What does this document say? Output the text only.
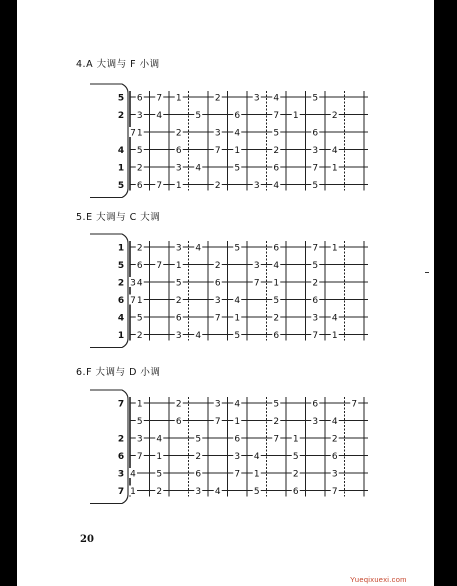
4.A 大调与 F 小调
5.E 大调与 C 大调
6.F 大调与 D 小调
5 6 7 1	2	3 4	5
2 3 4	5	6	7 1	2
7 1	2	3 4	5	6
4 5	6	7 1	2	3 4
1 2	3 4	5	6	7 1
5 6 7 1	2	3 4	5
1 2	3 4	5	6	7 1
5 6 7 1	2	3 4	5
2 3 4	5	6	7 1	2
6 7 1	2	3 4	5	6
4 5	6	7 1	2	3 4
1 2	3 4	5	6	7 1
7 1	2	3 4	5	6	7
5	6	7 1	2	3 4
2 3 4	5	6	7 1	2
6 7 1	2	3 4	5	6
3 4 5	6	7 1	2	3
7 1 2	3 4	5	6	7
20
Yueqixuexi.com
